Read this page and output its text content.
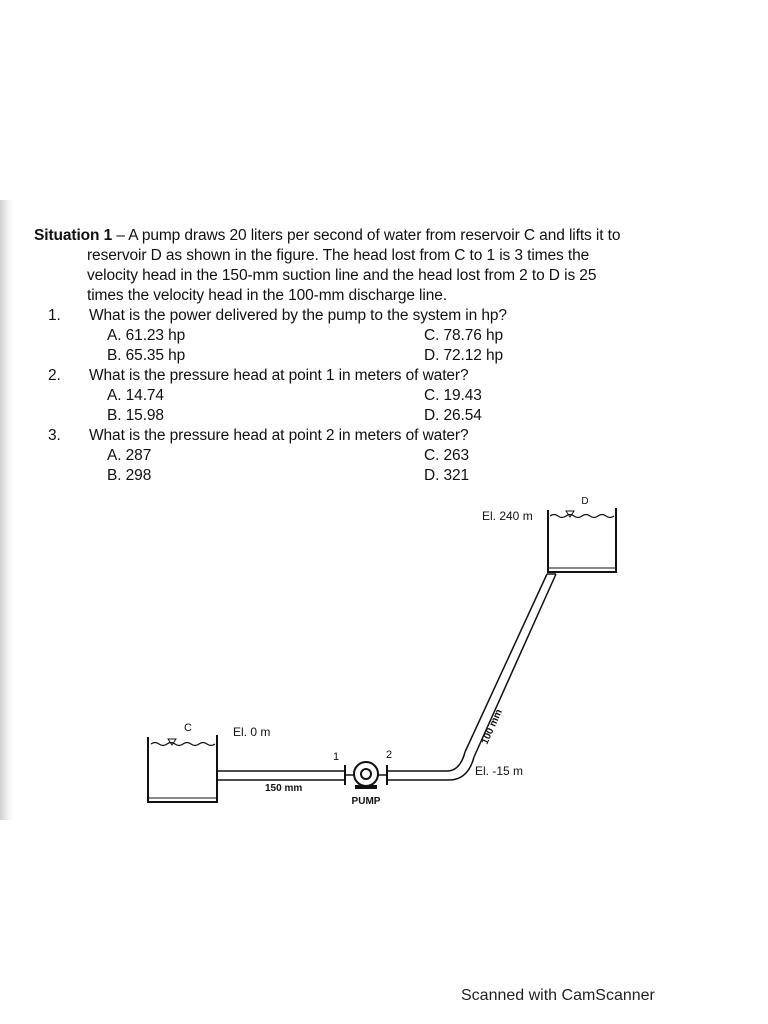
Situation 1 – A pump draws 20 liters per second of water from reservoir C and lifts it to
reservoir D as shown in the figure. The head lost from C to 1 is 3 times the
velocity head in the 150-mm suction line and the head lost from 2 to D is 25
times the velocity head in the 100-mm discharge line.
1. What is the power delivered by the pump to the system in hp?
A. 61.23 hp
B. 65.35 hp
C. 78.76 hp
D. 72.12 hp
2. What is the pressure head at point 1 in meters of water?
A. 14.74
B. 15.98
C. 19.43
D. 26.54
3. What is the pressure head at point 2 in meters of water?
A. 287
B. 298
C. 263
D. 321
D
El. 240 m
100 mm
C	El. 0 m
150 mm
1	2
PUMP
El. -15 m
Scanned with CamScanner
